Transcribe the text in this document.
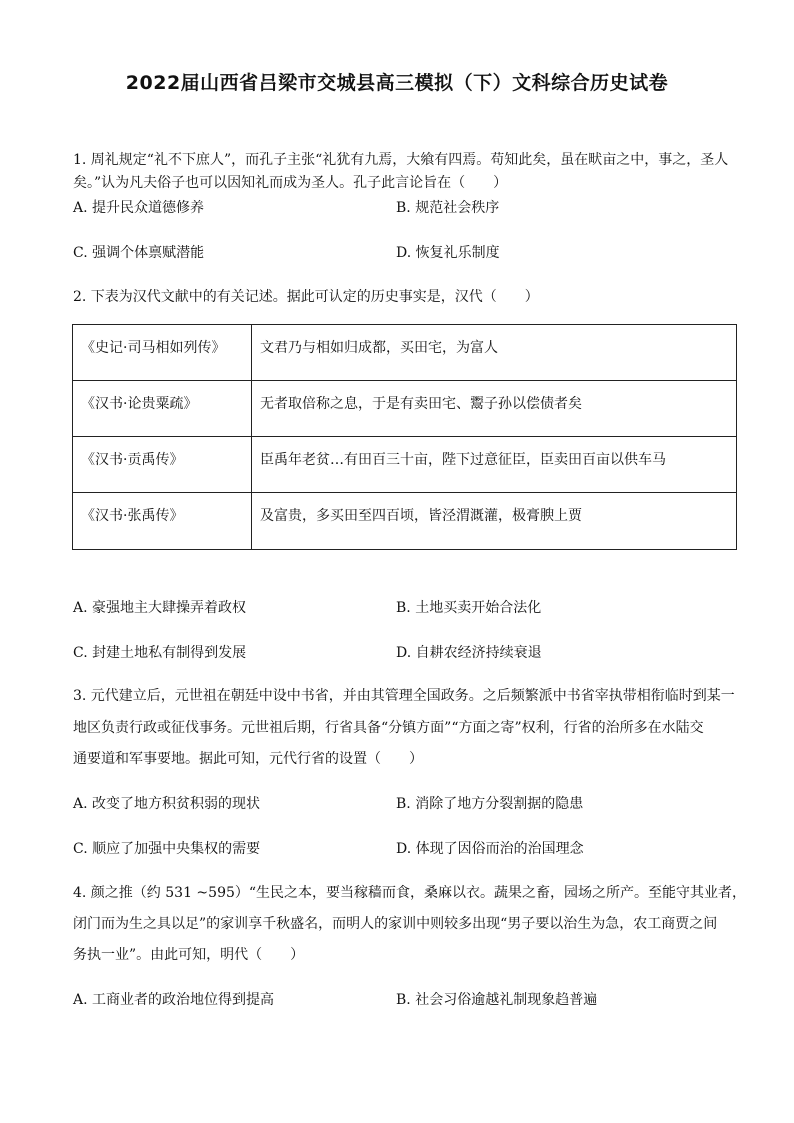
2022届山西省吕梁市交城县高三模拟（下）文科综合历史试卷
1. 周礼规定“礼不下庶人”，而孔子主张“礼犹有九焉，大飨有四焉。苟知此矣，虽在畎亩之中，事之，圣人
矣。”认为凡夫俗子也可以因知礼而成为圣人。孔子此言论旨在（　　）
A. 提升民众道德修养	B. 规范社会秩序
C. 强调个体禀赋潜能	D. 恢复礼乐制度
2. 下表为汉代文献中的有关记述。据此可认定的历史事实是，汉代（　　）
《史记·司马相如列传》	文君乃与相如归成都，买田宅，为富人
《汉书·论贵粟疏》	无者取倍称之息，于是有卖田宅、鬻子孙以偿债者矣
《汉书·贡禹传》	臣禹年老贫…有田百三十亩，陛下过意征臣，臣卖田百亩以供车马
《汉书·张禹传》	及富贵，多买田至四百顷，皆泾渭溉灌，极膏腴上贾
A. 豪强地主大肆操弄着政权	B. 土地买卖开始合法化
C. 封建土地私有制得到发展	D. 自耕农经济持续衰退
3. 元代建立后，元世祖在朝廷中设中书省，并由其管理全国政务。之后频繁派中书省宰执带相衔临时到某一
地区负责行政或征伐事务。元世祖后期，行省具备“分镇方面”“方面之寄”权利，行省的治所多在水陆交
通要道和军事要地。据此可知，元代行省的设置（　　）
A. 改变了地方积贫积弱的现状	B. 消除了地方分裂割据的隐患
C. 顺应了加强中央集权的需要	D. 体现了因俗而治的治国理念
4. 颜之推（约 531 ~595）“生民之本，要当稼穑而食，桑麻以衣。蔬果之畜，园场之所产。至能守其业者，
闭门而为生之具以足”的家训享千秋盛名，而明人的家训中则较多出现“男子要以治生为急，农工商贾之间
务执一业”。由此可知，明代（　　）
A. 工商业者的政治地位得到提高	B. 社会习俗逾越礼制现象趋普遍
